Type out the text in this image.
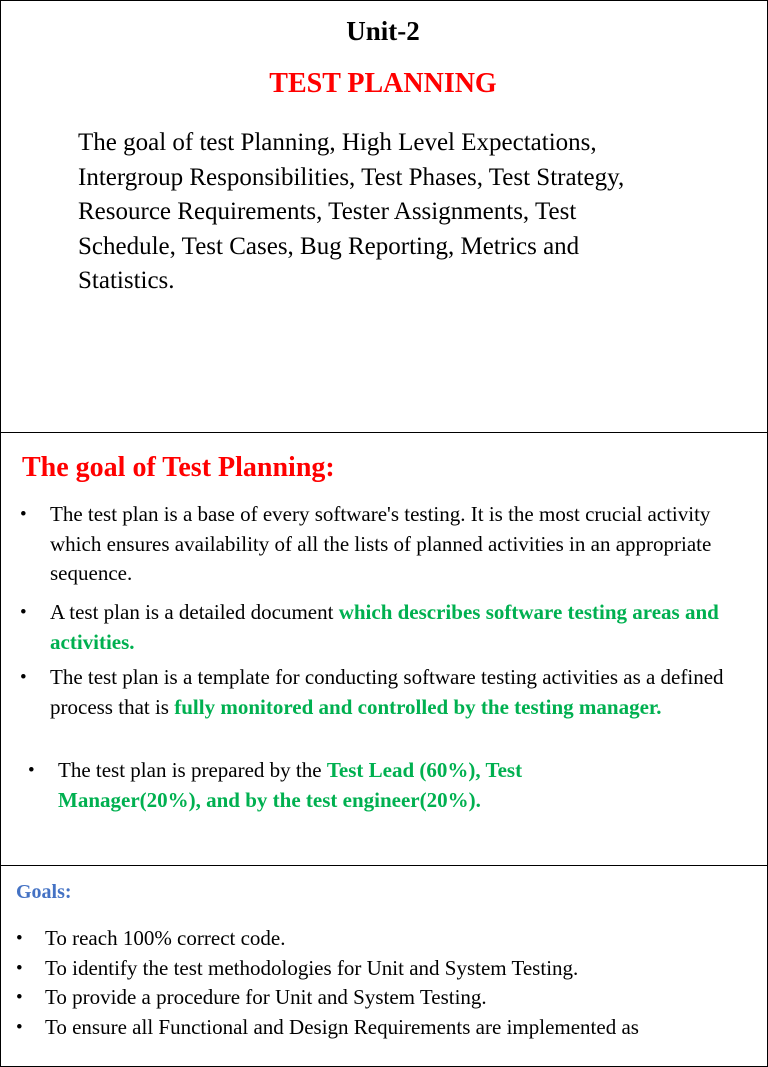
Unit-2
TEST PLANNING

The goal of test Planning, High Level Expectations,
Intergroup Responsibilities, Test Phases, Test Strategy,
Resource Requirements, Tester Assignments, Test
Schedule, Test Cases, Bug Reporting, Metrics and
Statistics.

The goal of Test Planning:
• The test plan is a base of every software's testing. It is the most crucial activity which ensures availability of all the lists of planned activities in an appropriate sequence.
• A test plan is a detailed document which describes software testing areas and activities.
• The test plan is a template for conducting software testing activities as a defined process that is fully monitored and controlled by the testing manager.
• The test plan is prepared by the Test Lead (60%), Test Manager(20%), and by the test engineer(20%).
Goals:
• To reach 100% correct code.
• To identify the test methodologies for Unit and System Testing.
• To provide a procedure for Unit and System Testing.
• To ensure all Functional and Design Requirements are implemented as
